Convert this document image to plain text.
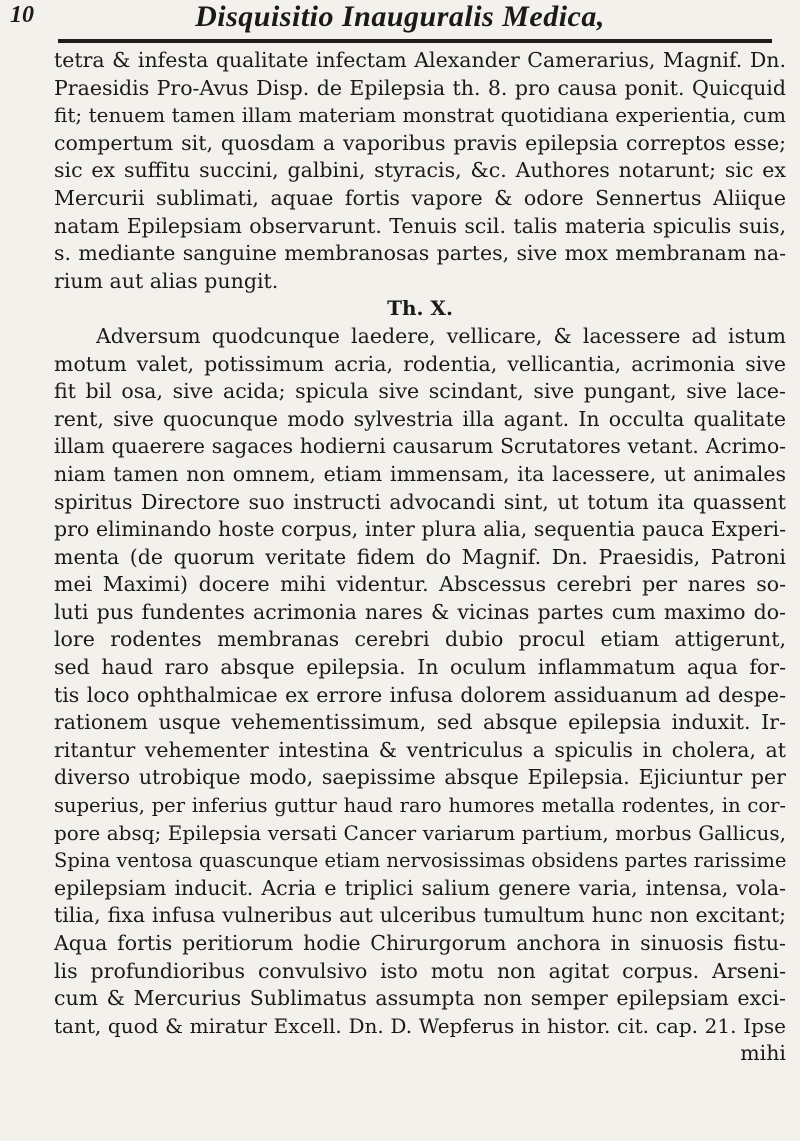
10	Disquisitio Inauguralis Medica,
tetra & infesta qualitate infectam Alexander Camerarius, Magnif. Dn.
Praesidis Pro-Avus Disp. de Epilepsia th. 8. pro causa ponit. Quicquid
fit; tenuem tamen illam materiam monstrat quotidiana experientia, cum
compertum sit, quosdam a vaporibus pravis epilepsia correptos esse;
sic ex suffitu succini, galbini, styracis, &c. Authores notarunt; sic ex
Mercurii sublimati, aquae fortis vapore & odore Sennertus Aliique
natam Epilepsiam observarunt. Tenuis scil. talis materia spiculis suis,
s. mediante sanguine membranosas partes, sive mox membranam na-
rium aut alias pungit.
Th. X.
Adversum quodcunque laedere, vellicare, & lacessere ad istum
motum valet, potissimum acria, rodentia, vellicantia, acrimonia sive
fit bil osa, sive acida; spicula sive scindant, sive pungant, sive lace-
rent, sive quocunque modo sylvestria illa agant. In occulta qualitate
illam quaerere sagaces hodierni causarum Scrutatores vetant. Acrimo-
niam tamen non omnem, etiam immensam, ita lacessere, ut animales
spiritus Directore suo instructi advocandi sint, ut totum ita quassent
pro eliminando hoste corpus, inter plura alia, sequentia pauca Experi-
menta (de quorum veritate fidem do Magnif. Dn. Praesidis, Patroni
mei Maximi) docere mihi videntur. Abscessus cerebri per nares so-
luti pus fundentes acrimonia nares & vicinas partes cum maximo do-
lore rodentes membranas cerebri dubio procul etiam attigerunt,
sed haud raro absque epilepsia. In oculum inflammatum aqua for-
tis loco ophthalmicae ex errore infusa dolorem assiduanum ad despe-
rationem usque vehementissimum, sed absque epilepsia induxit. Ir-
ritantur vehementer intestina & ventriculus a spiculis in cholera, at
diverso utrobique modo, saepissime absque Epilepsia. Ejiciuntur per
superius, per inferius guttur haud raro humores metalla rodentes, in cor-
pore absq; Epilepsia versati Cancer variarum partium, morbus Gallicus,
Spina ventosa quascunque etiam nervosissimas obsidens partes rarissime
epilepsiam inducit. Acria e triplici salium genere varia, intensa, vola-
tilia, fixa infusa vulneribus aut ulceribus tumultum hunc non excitant;
Aqua fortis peritiorum hodie Chirurgorum anchora in sinuosis fistu-
lis profundioribus convulsivo isto motu non agitat corpus. Arseni-
cum & Mercurius Sublimatus assumpta non semper epilepsiam exci-
tant, quod & miratur Excell. Dn. D. Wepferus in histor. cit. cap. 21. Ipse
mihi
